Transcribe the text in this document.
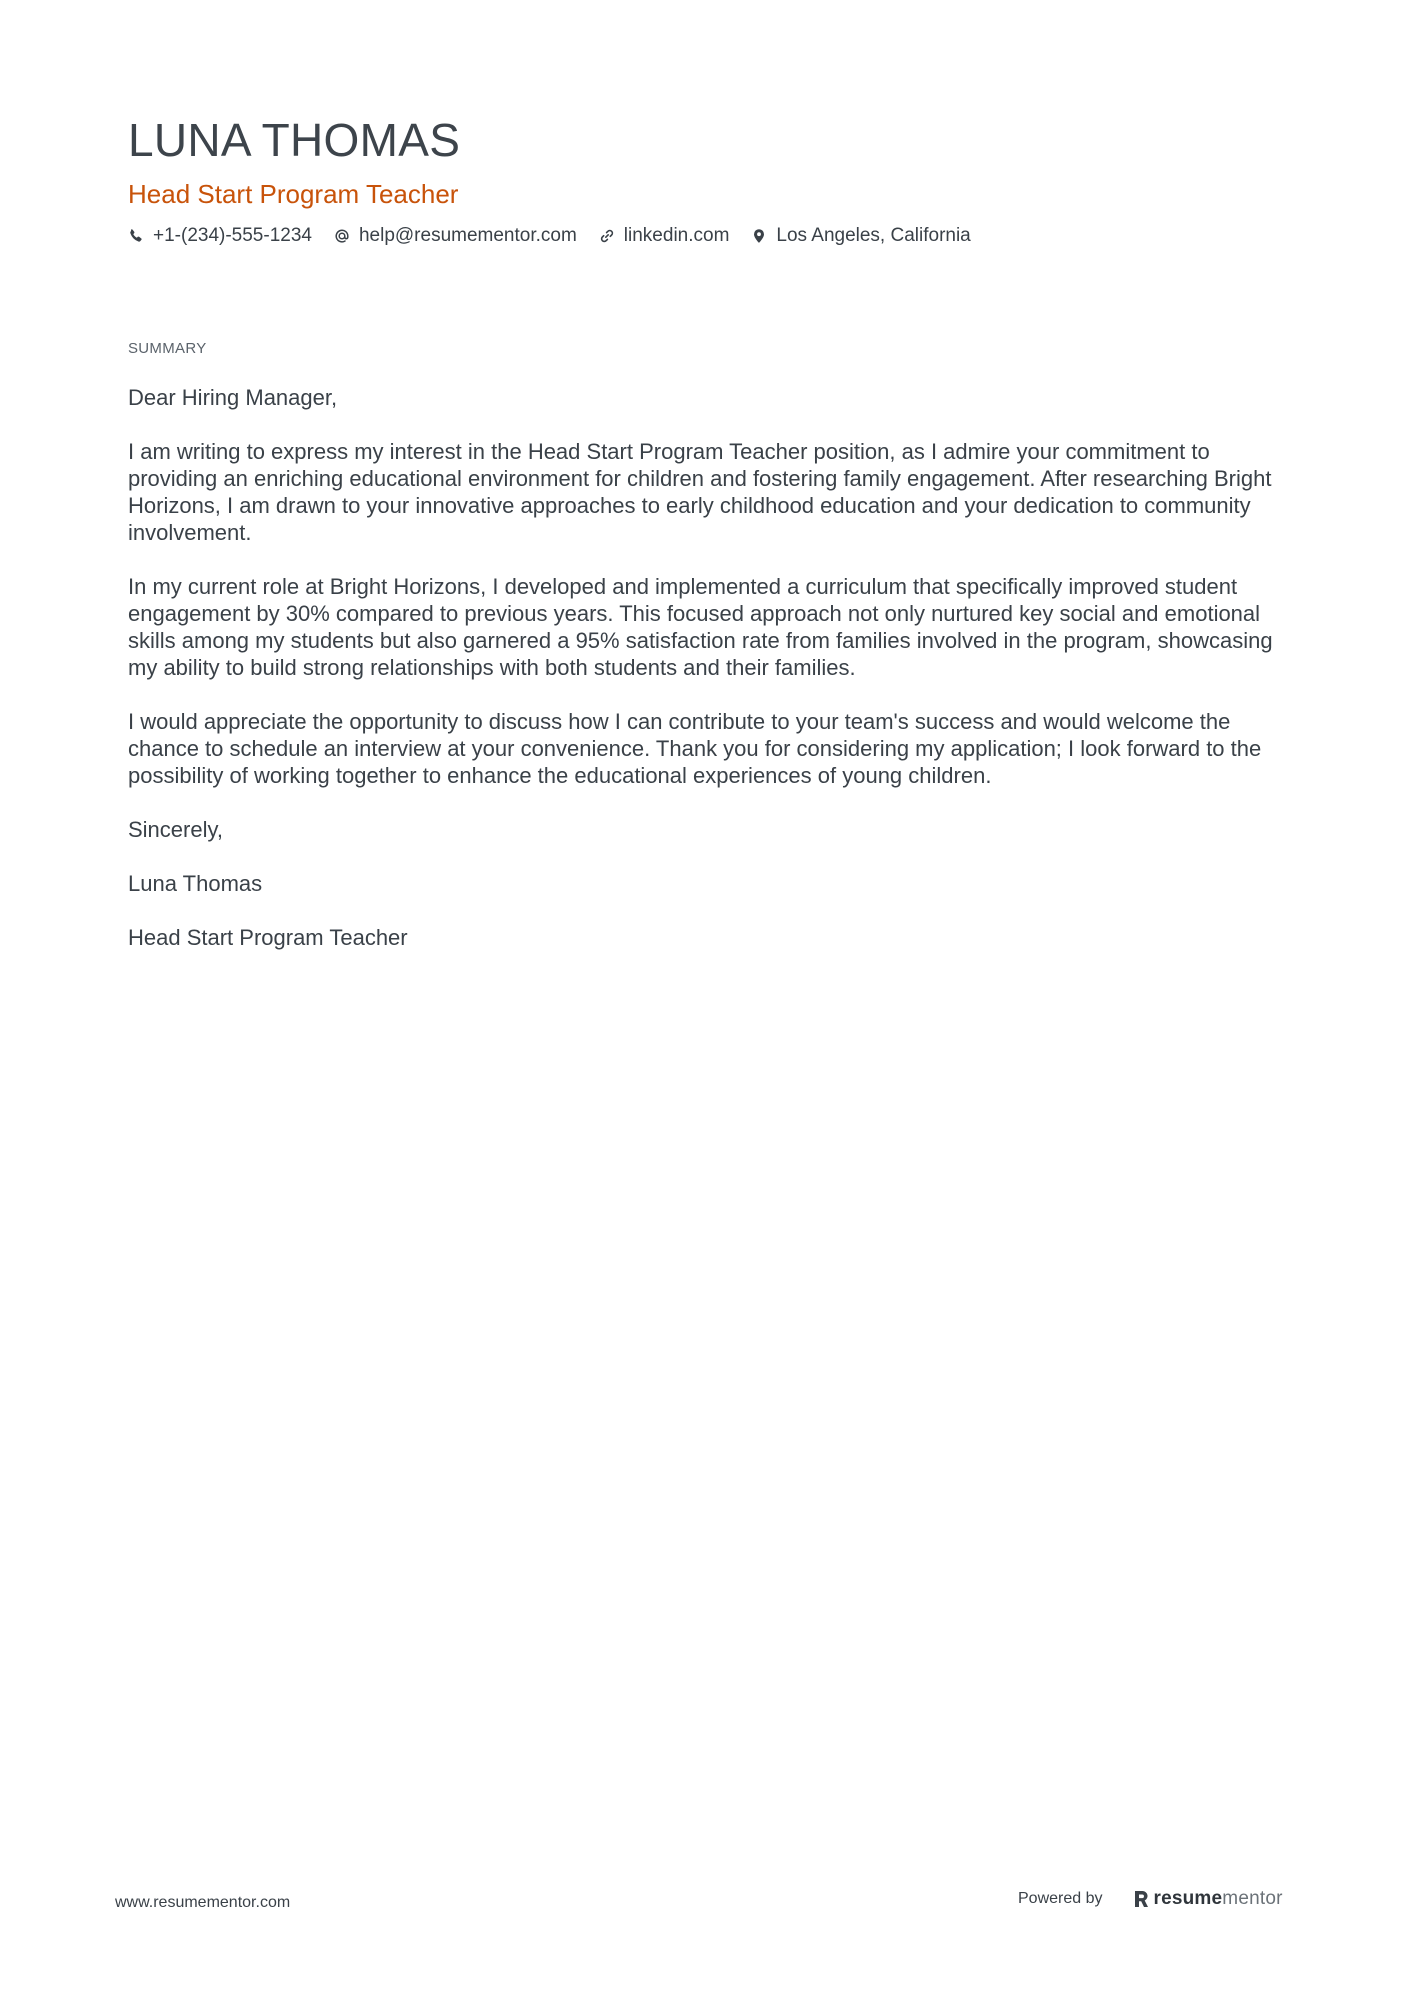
LUNA THOMAS
Head Start Program Teacher
+1-(234)-555-1234 help@resumementor.com linkedin.com Los Angeles, California
SUMMARY

Dear Hiring Manager,

I am writing to express my interest in the Head Start Program Teacher position, as I admire your commitment to providing an enriching educational environment for children and fostering family engagement. After researching Bright Horizons, I am drawn to your innovative approaches to early childhood education and your dedication to community involvement.

In my current role at Bright Horizons, I developed and implemented a curriculum that specifically improved student engagement by 30% compared to previous years. This focused approach not only nurtured key social and emotional skills among my students but also garnered a 95% satisfaction rate from families involved in the program, showcasing my ability to build strong relationships with both students and their families.

I would appreciate the opportunity to discuss how I can contribute to your team's success and would welcome the chance to schedule an interview at your convenience. Thank you for considering my application; I look forward to the possibility of working together to enhance the educational experiences of young children.

Sincerely,

Luna Thomas

Head Start Program Teacher

www.resumementor.com	Powered by	resume mentor
